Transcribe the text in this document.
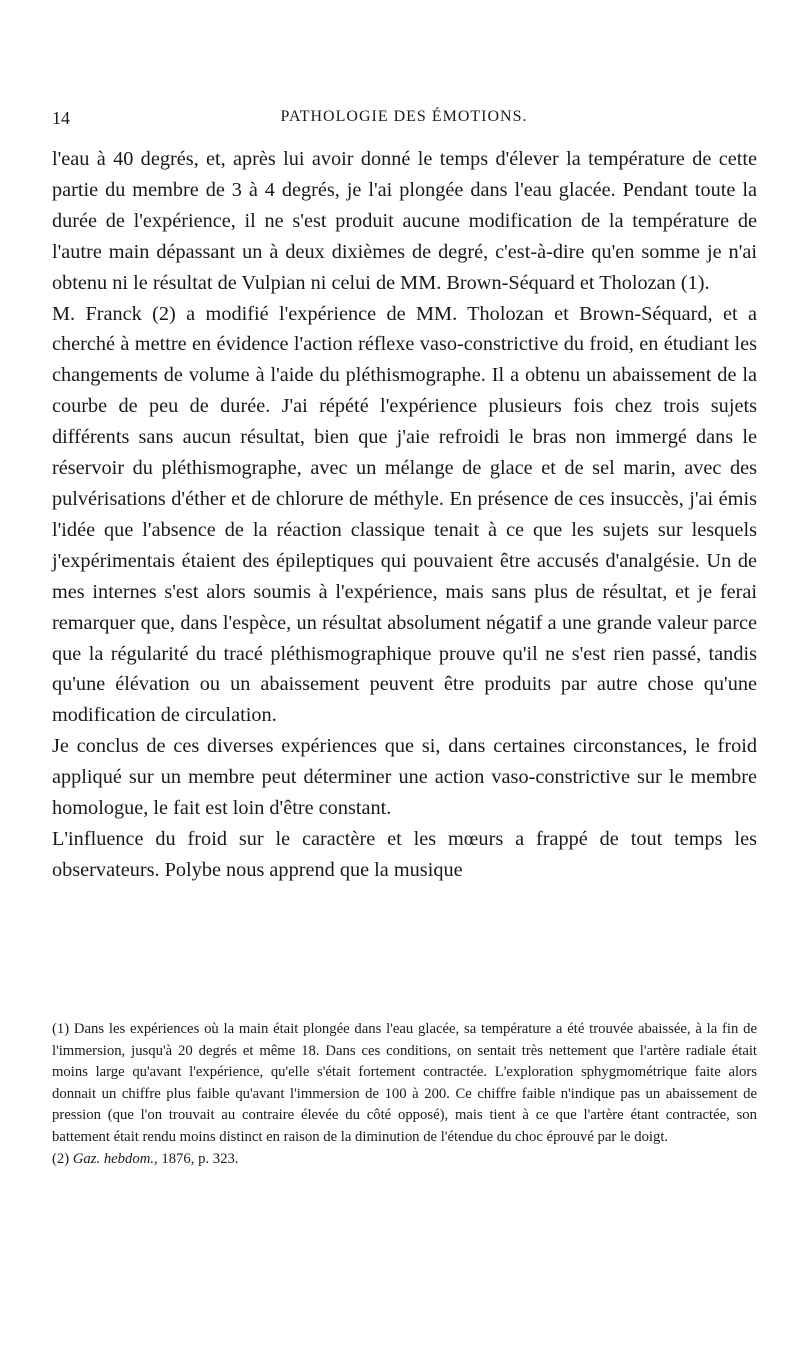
14	PATHOLOGIE DES ÉMOTIONS.

l'eau à 40 degrés, et, après lui avoir donné le temps d'élever la température de cette partie du membre de 3 à 4 degrés, je l'ai plongée dans l'eau glacée. Pendant toute la durée de l'expérience, il ne s'est produit aucune modification de la température de l'autre main dépassant un à deux dixièmes de degré, c'est-à-dire qu'en somme je n'ai obtenu ni le résultat de Vulpian ni celui de MM. Brown-Séquard et Tholozan (1).

M. Franck (2) a modifié l'expérience de MM. Tholozan et Brown-Séquard, et a cherché à mettre en évidence l'action réflexe vaso-constrictive du froid, en étudiant les changements de volume à l'aide du pléthismographe. Il a obtenu un abaissement de la courbe de peu de durée. J'ai répété l'expérience plusieurs fois chez trois sujets différents sans aucun résultat, bien que j'aie refroidi le bras non immergé dans le réservoir du pléthismographe, avec un mélange de glace et de sel marin, avec des pulvérisations d'éther et de chlorure de méthyle. En présence de ces insuccès, j'ai émis l'idée que l'absence de la réaction classique tenait à ce que les sujets sur lesquels j'expérimentais étaient des épileptiques qui pouvaient être accusés d'analgésie. Un de mes internes s'est alors soumis à l'expérience, mais sans plus de résultat, et je ferai remarquer que, dans l'espèce, un résultat absolument négatif a une grande valeur parce que la régularité du tracé pléthismographique prouve qu'il ne s'est rien passé, tandis qu'une élévation ou un abaissement peuvent être produits par autre chose qu'une modification de circulation.

Je conclus de ces diverses expériences que si, dans certaines circonstances, le froid appliqué sur un membre peut déterminer une action vaso-constrictive sur le membre homologue, le fait est loin d'être constant.

L'influence du froid sur le caractère et les mœurs a frappé de tout temps les observateurs. Polybe nous apprend que la musique

(1) Dans les expériences où la main était plongée dans l'eau glacée, sa température a été trouvée abaissée, à la fin de l'immersion, jusqu'à 20 degrés et même 18. Dans ces conditions, on sentait très nettement que l'artère radiale était moins large qu'avant l'expérience, qu'elle s'était fortement contractée. L'exploration sphygmométrique faite alors donnait un chiffre plus faible qu'avant l'immersion de 100 à 200. Ce chiffre faible n'indique pas un abaissement de pression (que l'on trouvait au contraire élevée du côté opposé), mais tient à ce que l'artère étant contractée, son battement était rendu moins distinct en raison de la diminution de l'étendue du choc éprouvé par le doigt.

(2) Gaz. hebdom., 1876, p. 323.
